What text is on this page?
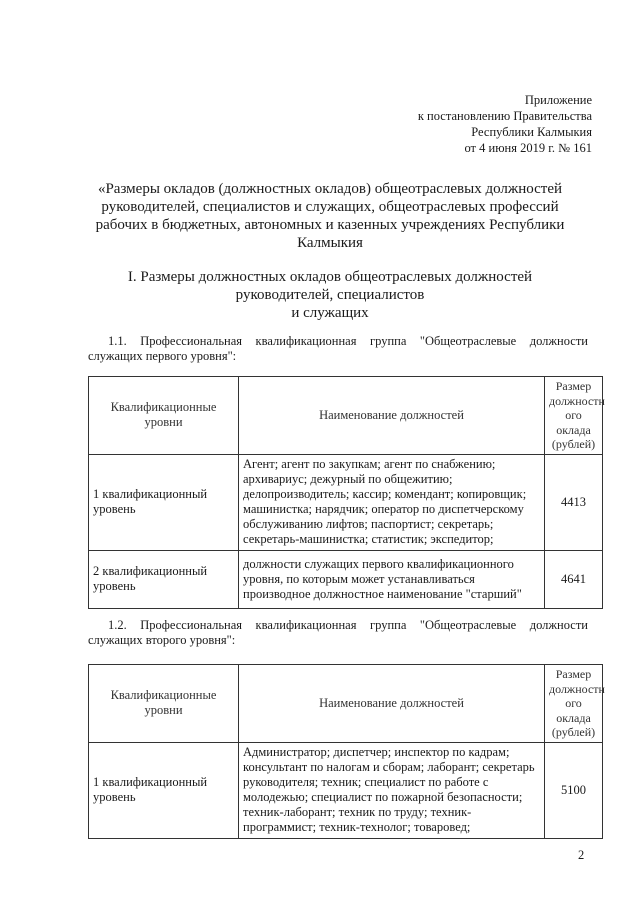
Приложение
к постановлению Правительства
Республики Калмыкия
от 4 июня 2019 г. № 161
«Размеры окладов (должностных окладов) общеотраслевых должностей
руководителей, специалистов и служащих, общеотраслевых профессий
рабочих в бюджетных, автономных и казенных учреждениях Республики
Калмыкия
I. Размеры должностных окладов общеотраслевых должностей
руководителей, специалистов
и служащих
1.1. Профессиональная квалификационная группа "Общеотраслевые должности служащих первого уровня":
Квалификационные уровни	Наименование должностей	Размер должностн ого оклада (рублей)
1 квалификационный уровень	Агент; агент по закупкам; агент по снабжению; архивариус; дежурный по общежитию; делопроизводитель; кассир; комендант; копировщик; машинистка; нарядчик; оператор по диспетчерскому обслуживанию лифтов; паспортист; секретарь; секретарь-машинистка; статистик; экспедитор;	4413
2 квалификационный уровень	должности служащих первого квалификационного уровня, по которым может устанавливаться производное должностное наименование "старший"	4641
1.2. Профессиональная квалификационная группа "Общеотраслевые должности служащих второго уровня":
Квалификационные уровни	Наименование должностей	Размер должностн ого оклада (рублей)
1 квалификационный уровень	Администратор; диспетчер; инспектор по кадрам; консультант по налогам и сборам; лаборант; секретарь руководителя; техник; специалист по работе с молодежью; специалист по пожарной безопасности; техник-лаборант; техник по труду; техник-программист; техник-технолог; товаровед;	5100
2
